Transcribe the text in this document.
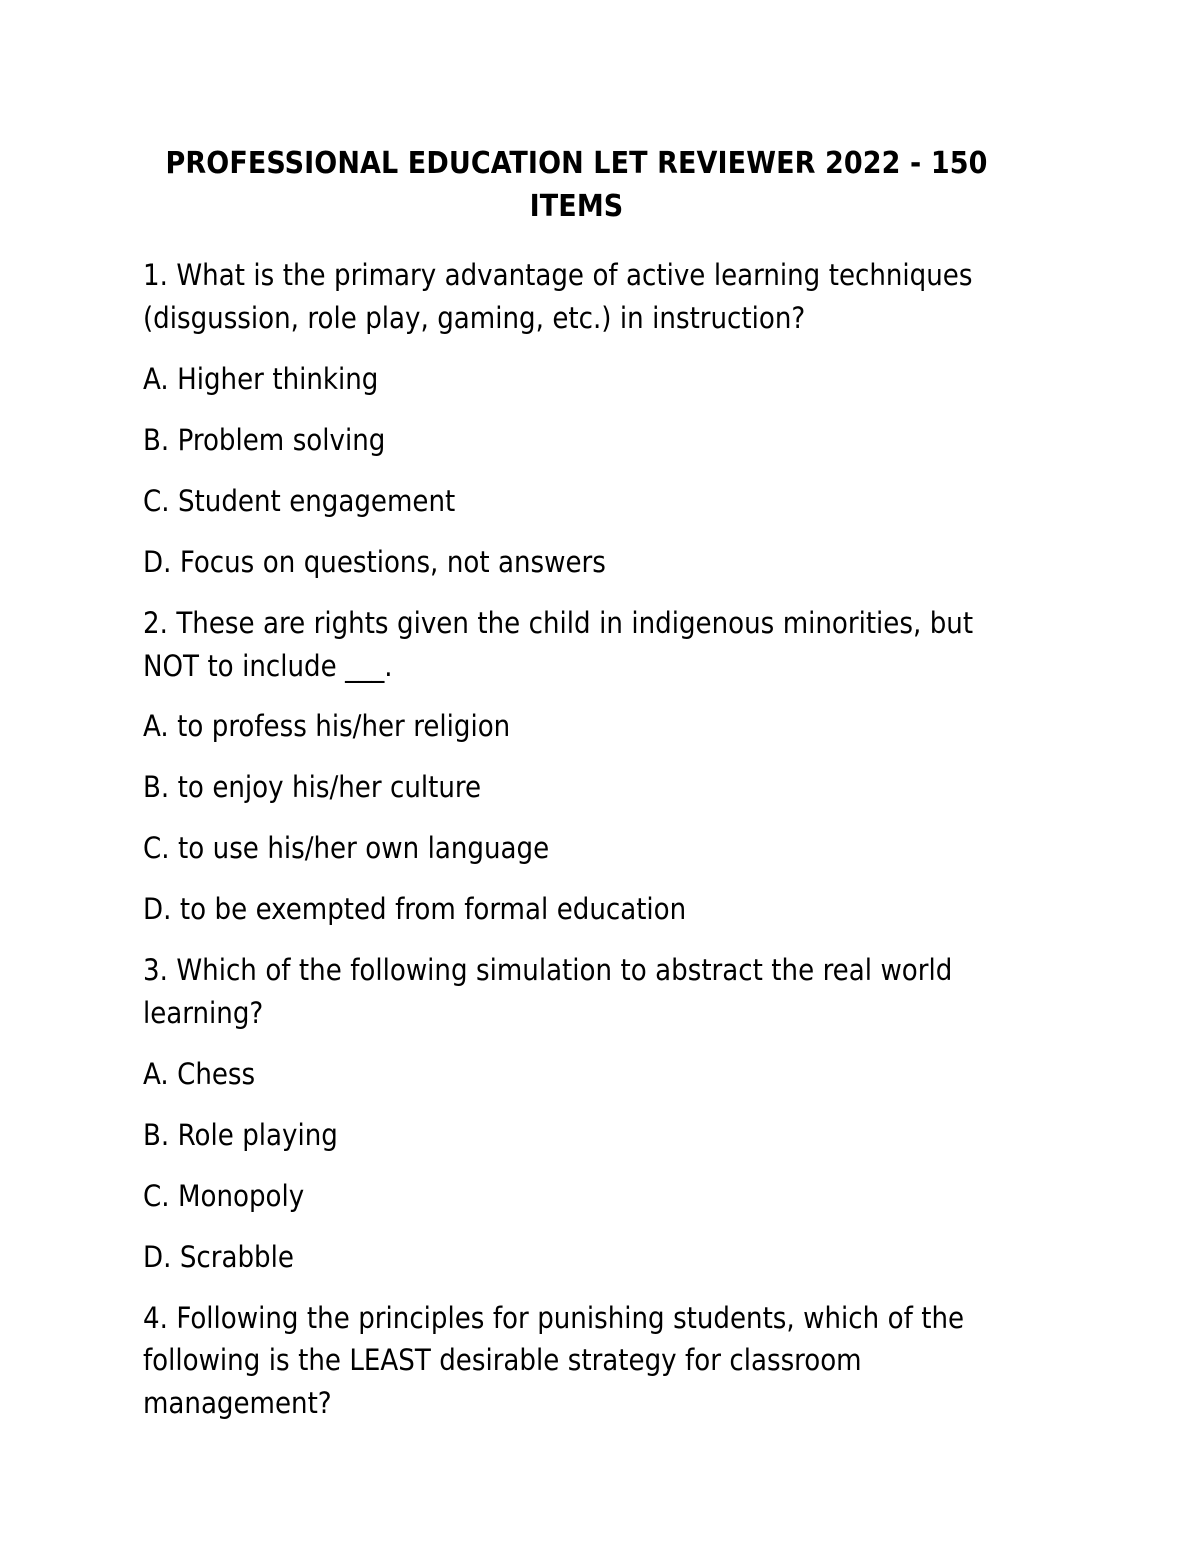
PROFESSIONAL EDUCATION LET REVIEWER 2022 - 150 ITEMS

1. What is the primary advantage of active learning techniques (disgussion, role play, gaming, etc.) in instruction?

A. Higher thinking

B. Problem solving

C. Student engagement

D. Focus on questions, not answers

2. These are rights given the child in indigenous minorities, but NOT to include ___.

A. to profess his/her religion

B. to enjoy his/her culture

C. to use his/her own language

D. to be exempted from formal education

3. Which of the following simulation to abstract the real world learning?

A. Chess

B. Role playing

C. Monopoly

D. Scrabble

4. Following the principles for punishing students, which of the following is the LEAST desirable strategy for classroom management?
